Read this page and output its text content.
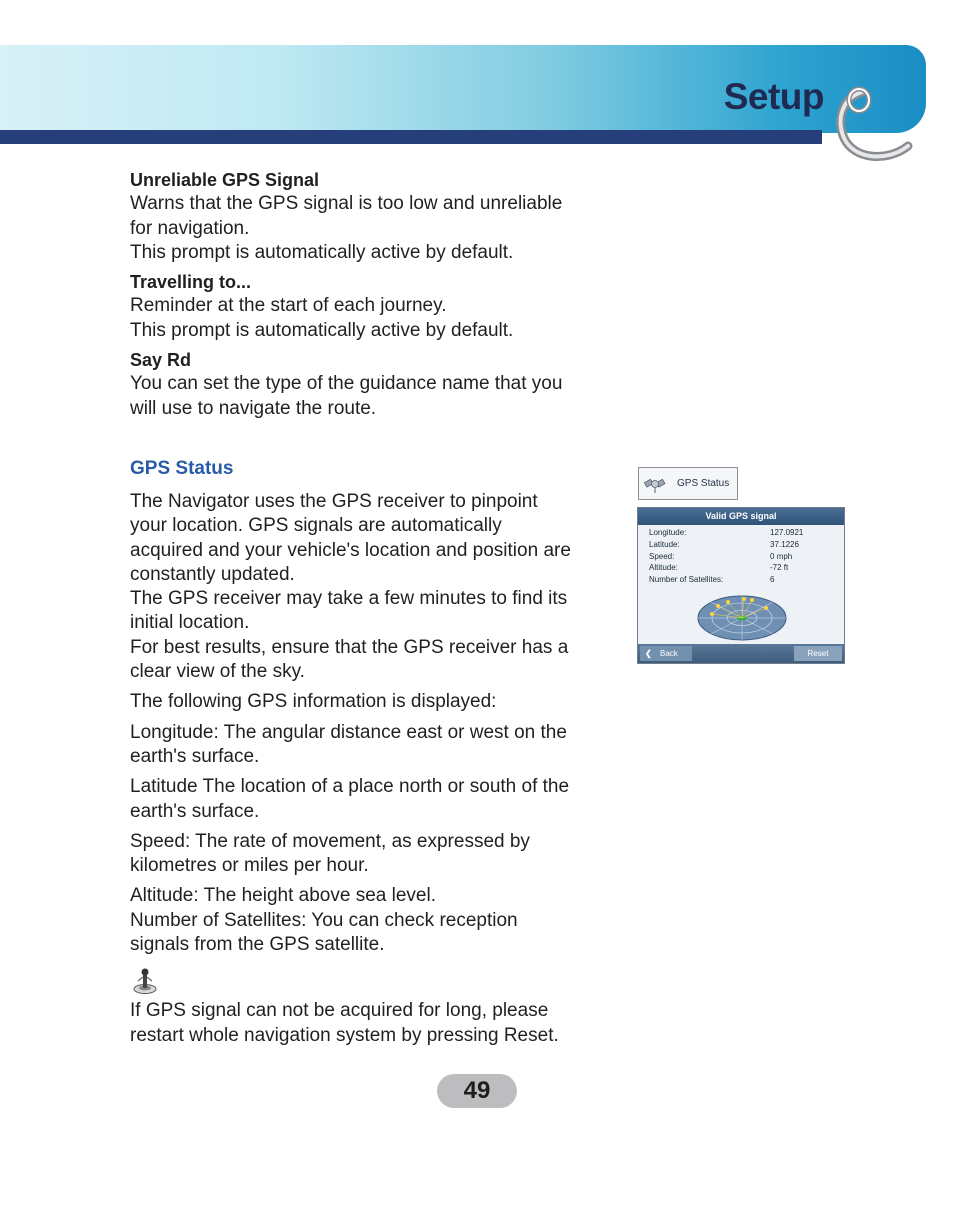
Setup

Unreliable GPS Signal

Warns that the GPS signal is too low and unreliable

for navigation.

This prompt is automatically active by default.

Travelling to...

Reminder at the start of each journey.

This prompt is automatically active by default.

Say Rd

You can set the type of the guidance name that you

will use to navigate the route.

GPS Status

The Navigator uses the GPS receiver to pinpoint

your location. GPS signals are automatically

acquired and your vehicle's location and position are

constantly updated.

The GPS receiver may take a few minutes to find its

initial location.

For best results, ensure that the GPS receiver has a

clear view of the sky.

The following GPS information is displayed:

Longitude: The angular distance east or west on the

earth's surface.

Latitude The location of a place north or south of the

earth's surface.

Speed: The rate of movement, as expressed by

kilometres or miles per hour.

Altitude: The height above sea level.

Number of Satellites: You can check reception

signals from the GPS satellite.

If GPS signal can not be acquired for long, please

restart whole navigation system by pressing Reset.

GPS Status
Valid GPS signal
Longitude:	127.0921
Latitude:	37.1226
Speed:	0 mph
Altitude:	-72 ft
Number of Satellites:	6
❮ Back	Reset
49
